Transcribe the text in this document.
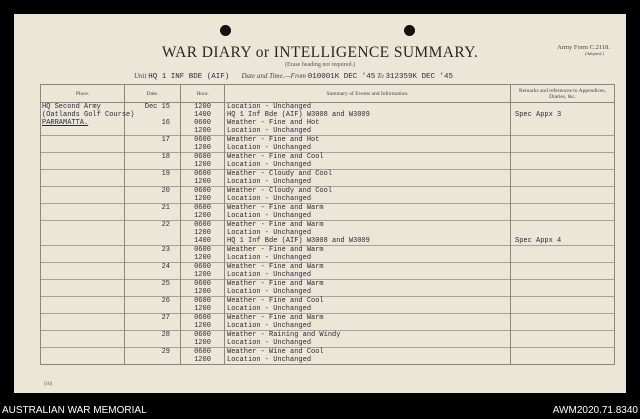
WAR DIARY or INTELLIGENCE SUMMARY.
(Erase heading not required.)
Army Form C.2118.
(Adapted.)
Unit HQ 1 INF BDE (AIF) Date and Time.—From 010001K DEC '45 To 312359K DEC '45
Place.	Date.	Hour.	Summary of Events and Information.	Remarks and references to Appendices, Diaries, &c.
HQ Second Army	Dec 15	1200	Location - Unchanged	
(Oatlands Golf Course)		1400	HQ 1 Inf Bde (AIF) W3008 and W3009	Spec Appx 3
PARRAMATTA.	16	0600	Weather - Fine and Hot	
		1200	Location - Unchanged	
	17	0600	Weather - Fine and Hot	
		1200	Location - Unchanged	
	18	0600	Weather - Fine and Cool	
		1200	Location - Unchanged	
	19	0600	Weather - Cloudy and Cool	
		1200	Location - Unchanged	
	20	0600	Weather - Cloudy and Cool	
		1200	Location - Unchanged	
	21	0600	Weather - Fine and Warm	
		1200	Location - Unchanged	
	22	0600	Weather - Fine and Warm	
		1200	Location - Unchanged	
		1400	HQ 1 Inf Bde (AIF) W3008 and W3009	Spec Appx 4
	23	0600	Weather - Fine and Warm	
		1200	Location - Unchanged	
	24	0600	Weather - Fine and Warm	
		1200	Location - Unchanged	
	25	0600	Weather - Fine and Warm	
		1200	Location - Unchanged	
	26	0600	Weather - Fine and Cool	
		1200	Location - Unchanged	
	27	0600	Weather - Fine and Warm	
		1200	Location - Unchanged	
	28	0600	Weather - Raining and Windy	
		1200	Location - Unchanged	
	29	0600	Weather - Wine and Cool	
		1200	Location - Unchanged	
(10)
AUSTRALIAN WAR MEMORIAL	AWM2020.71.8340
